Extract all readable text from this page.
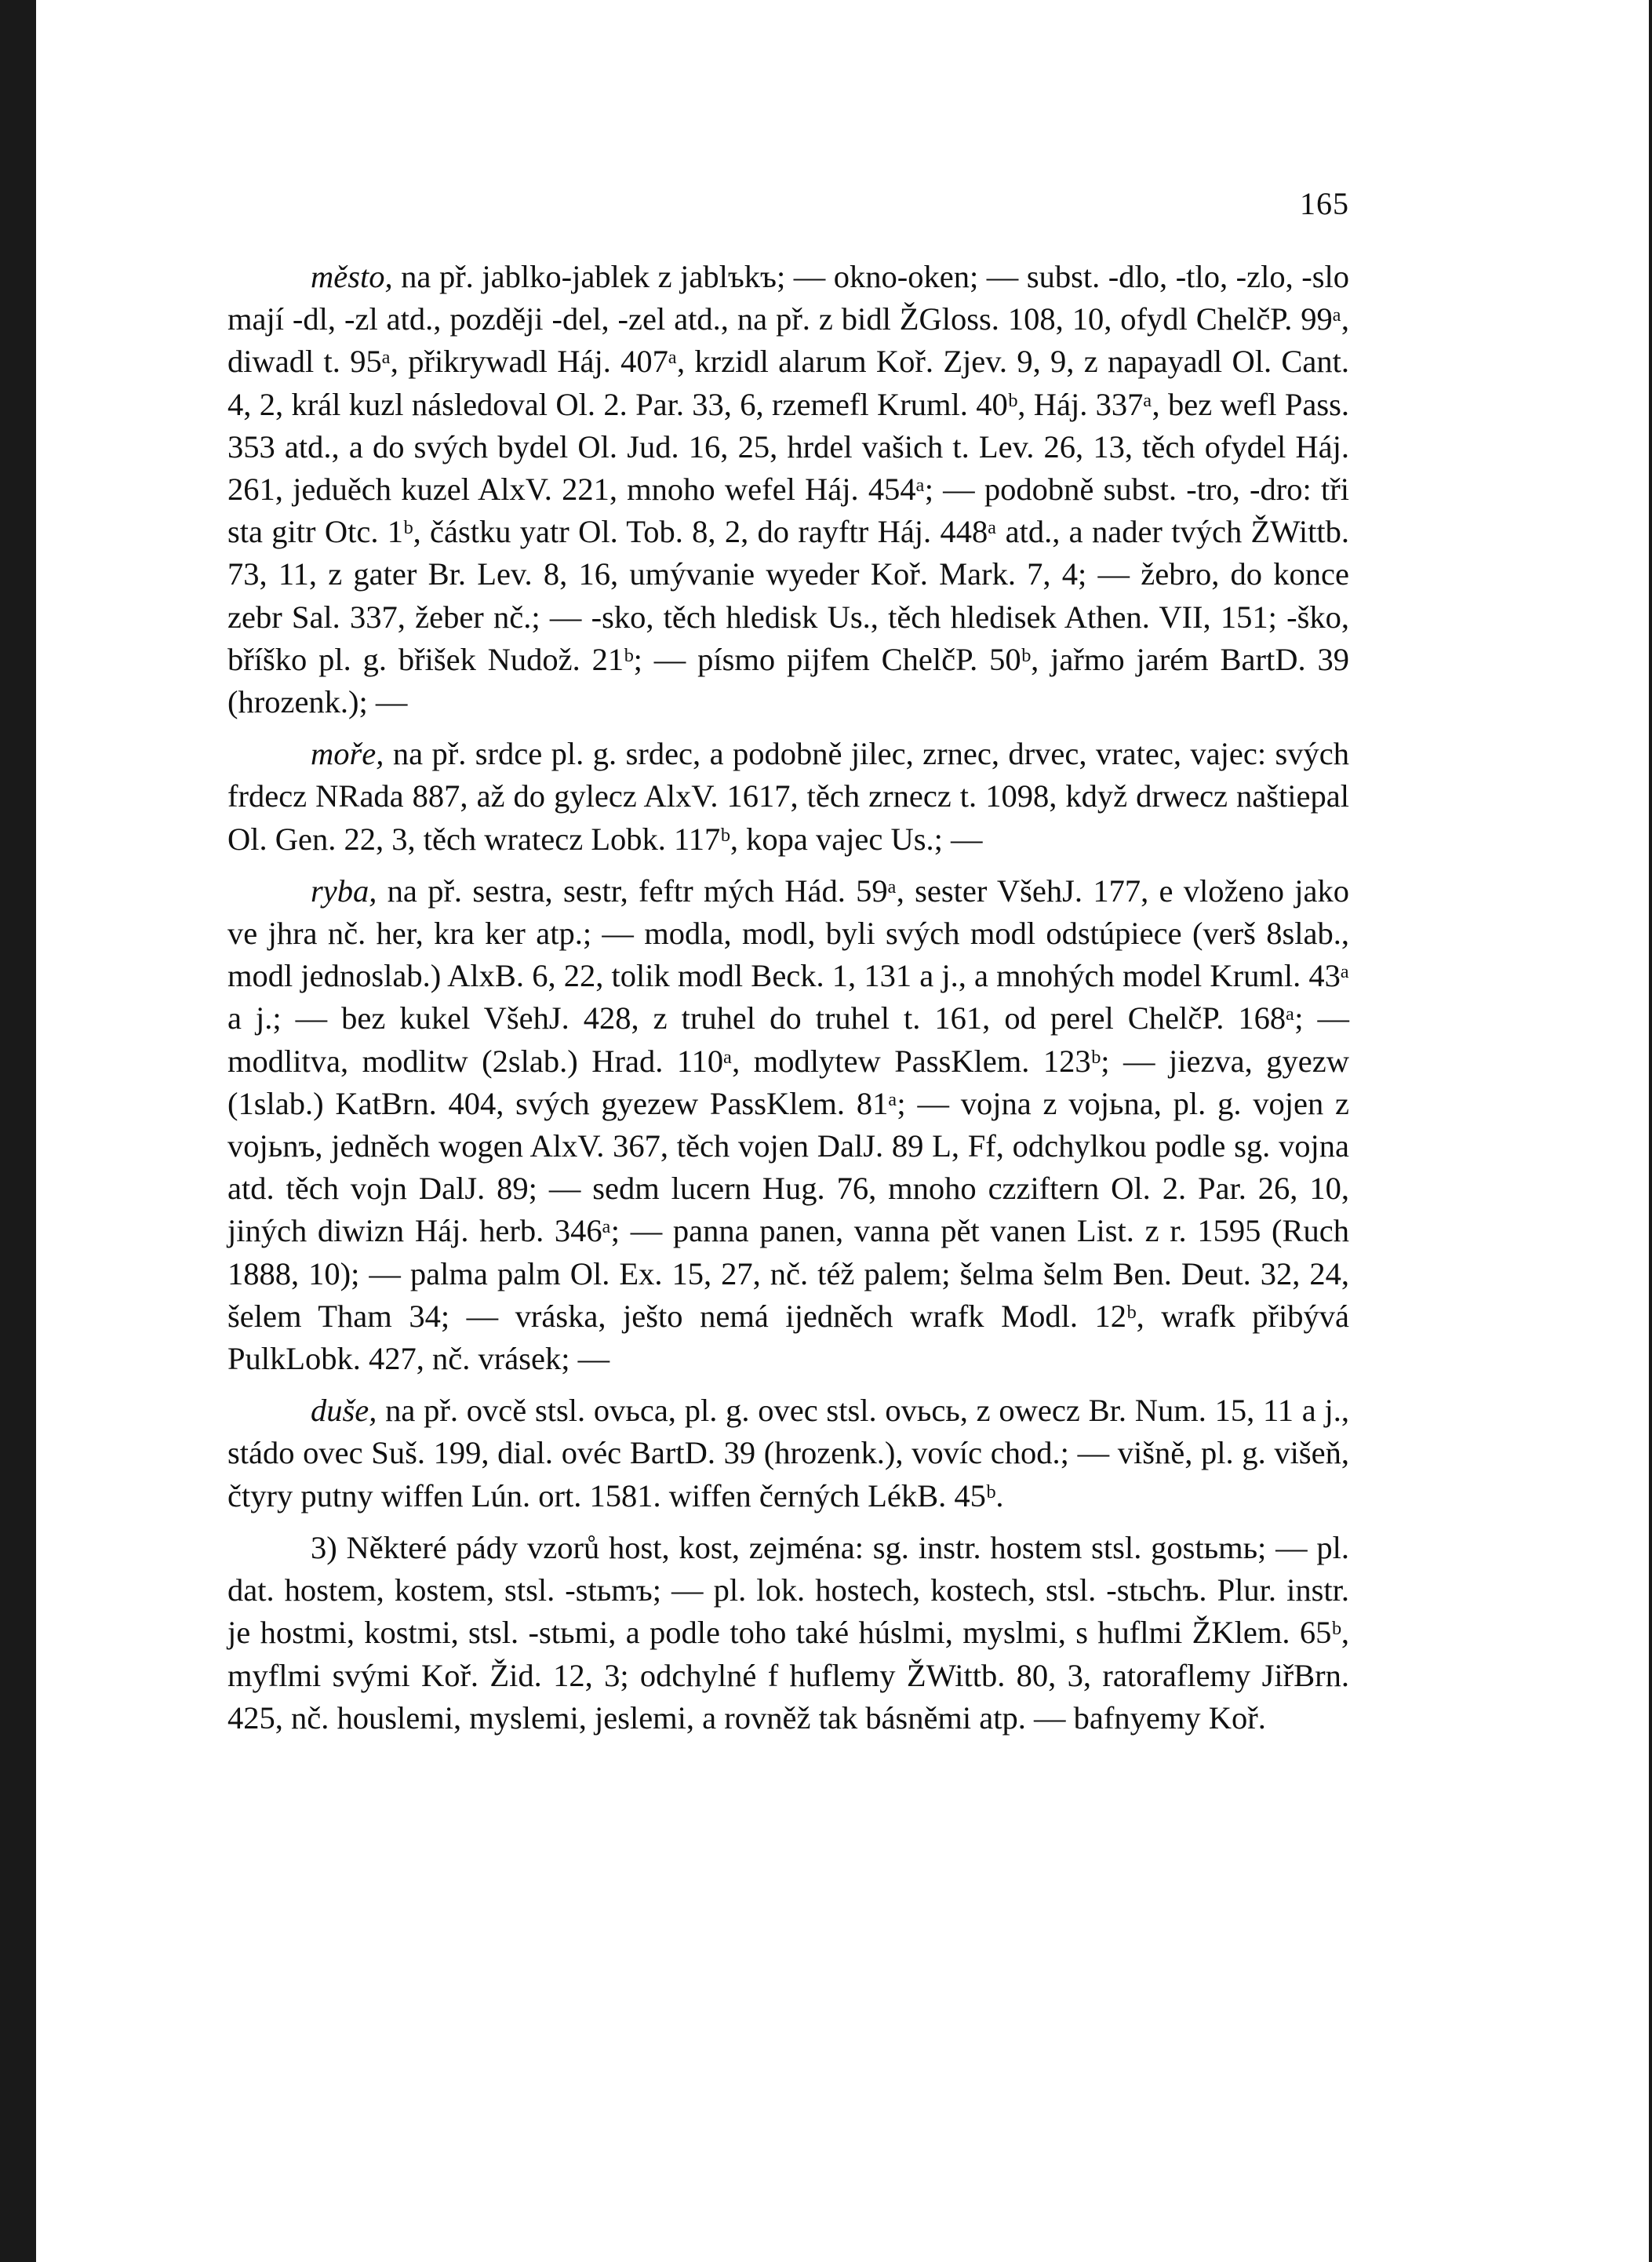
165

město, na př. jablko-jablek z jablъkъ; — okno-oken; — subst. -dlo, -tlo, -zlo, -slo mají -dl, -zl atd., později -del, -zel atd., na př. z bidl ŽGloss. 108, 10, ofydl ChelčP. 99ᵃ, diwadl t. 95ᵃ, přikrywadl Háj. 407ᵃ, krzidl alarum Koř. Zjev. 9, 9, z napayadl Ol. Cant. 4, 2, král kuzl následoval Ol. 2. Par. 33, 6, rzemefl Kruml. 40ᵇ, Háj. 337ᵃ, bez wefl Pass. 353 atd., a do svých bydel Ol. Jud. 16, 25, hrdel vašich t. Lev. 26, 13, těch ofydel Háj. 261, jeduěch kuzel AlxV. 221, mnoho wefel Háj. 454ᵃ; — podobně subst. -tro, -dro: tři sta gitr Otc. 1ᵇ, částku yatr Ol. Tob. 8, 2, do rayftr Háj. 448ᵃ atd., a nader tvých ŽWittb. 73, 11, z gater Br. Lev. 8, 16, umývanie wyeder Koř. Mark. 7, 4; — žebro, do konce zebr Sal. 337, žeber nč.; — -sko, těch hledisk Us., těch hledisek Athen. VII, 151; -ško, bříško pl. g. břišek Nudož. 21ᵇ; — písmo pijfem ChelčP. 50ᵇ, jařmo jarém BartD. 39 (hrozenk.); —

moře, na př. srdce pl. g. srdec, a podobně jilec, zrnec, drvec, vratec, vajec: svých frdecz NRada 887, až do gylecz AlxV. 1617, těch zrnecz t. 1098, když drwecz naštiepal Ol. Gen. 22, 3, těch wratecz Lobk. 117ᵇ, kopa vajec Us.; —

ryba, na př. sestra, sestr, feftr mých Hád. 59ᵃ, sester VšehJ. 177, e vloženo jako ve jhra nč. her, kra ker atp.; — modla, modl, byli svých modl odstúpiece (verš 8slab., modl jednoslab.) AlxB. 6, 22, tolik modl Beck. 1, 131 a j., a mnohých model Kruml. 43ᵃ a j.; — bez kukel VšehJ. 428, z truhel do truhel t. 161, od perel ChelčP. 168ᵃ; — modlitva, modlitw (2slab.) Hrad. 110ᵃ, modlytew PassKlem. 123ᵇ; — jiezva, gyezw (1slab.) KatBrn. 404, svých gyezew PassKlem. 81ᵃ; — vojna z vojьna, pl. g. vojen z vojьnъ, jedněch wogen AlxV. 367, těch vojen DalJ. 89 L, Ff, odchylkou podle sg. vojna atd. těch vojn DalJ. 89; — sedm lucern Hug. 76, mnoho czziftern Ol. 2. Par. 26, 10, jiných diwizn Háj. herb. 346ᵃ; — panna panen, vanna pět vanen List. z r. 1595 (Ruch 1888, 10); — palma palm Ol. Ex. 15, 27, nč. též palem; šelma šelm Ben. Deut. 32, 24, šelem Tham 34; — vráska, ješto nemá ijedněch wrafk Modl. 12ᵇ, wrafk přibývá PulkLobk. 427, nč. vrásek; —

duše, na př. ovcě stsl. ovьca, pl. g. ovec stsl. ovьсь, z owecz Br. Num. 15, 11 a j., stádo ovec Suš. 199, dial. ovéc BartD. 39 (hrozenk.), vovíc chod.; — višně, pl. g. višeň, čtyry putny wiffen Lún. ort. 1581. wiffen černých LékB. 45ᵇ.

3) Některé pády vzorů host, kost, zejména: sg. instr. hostem stsl. gostьmь; — pl. dat. hostem, kostem, stsl. -stьmъ; — pl. lok. hostech, kostech, stsl. -stьchъ. Plur. instr. je hostmi, kostmi, stsl. -stьmi, a podle toho také húslmi, myslmi, s huflmi ŽKlem. 65ᵇ, myflmi svými Koř. Žid. 12, 3; odchylné f huflemy ŽWittb. 80, 3, ratoraflemy JiřBrn. 425, nč. houslemi, myslemi, jeslemi, a rovněž tak básněmi atp. — bafnyemy Koř.
